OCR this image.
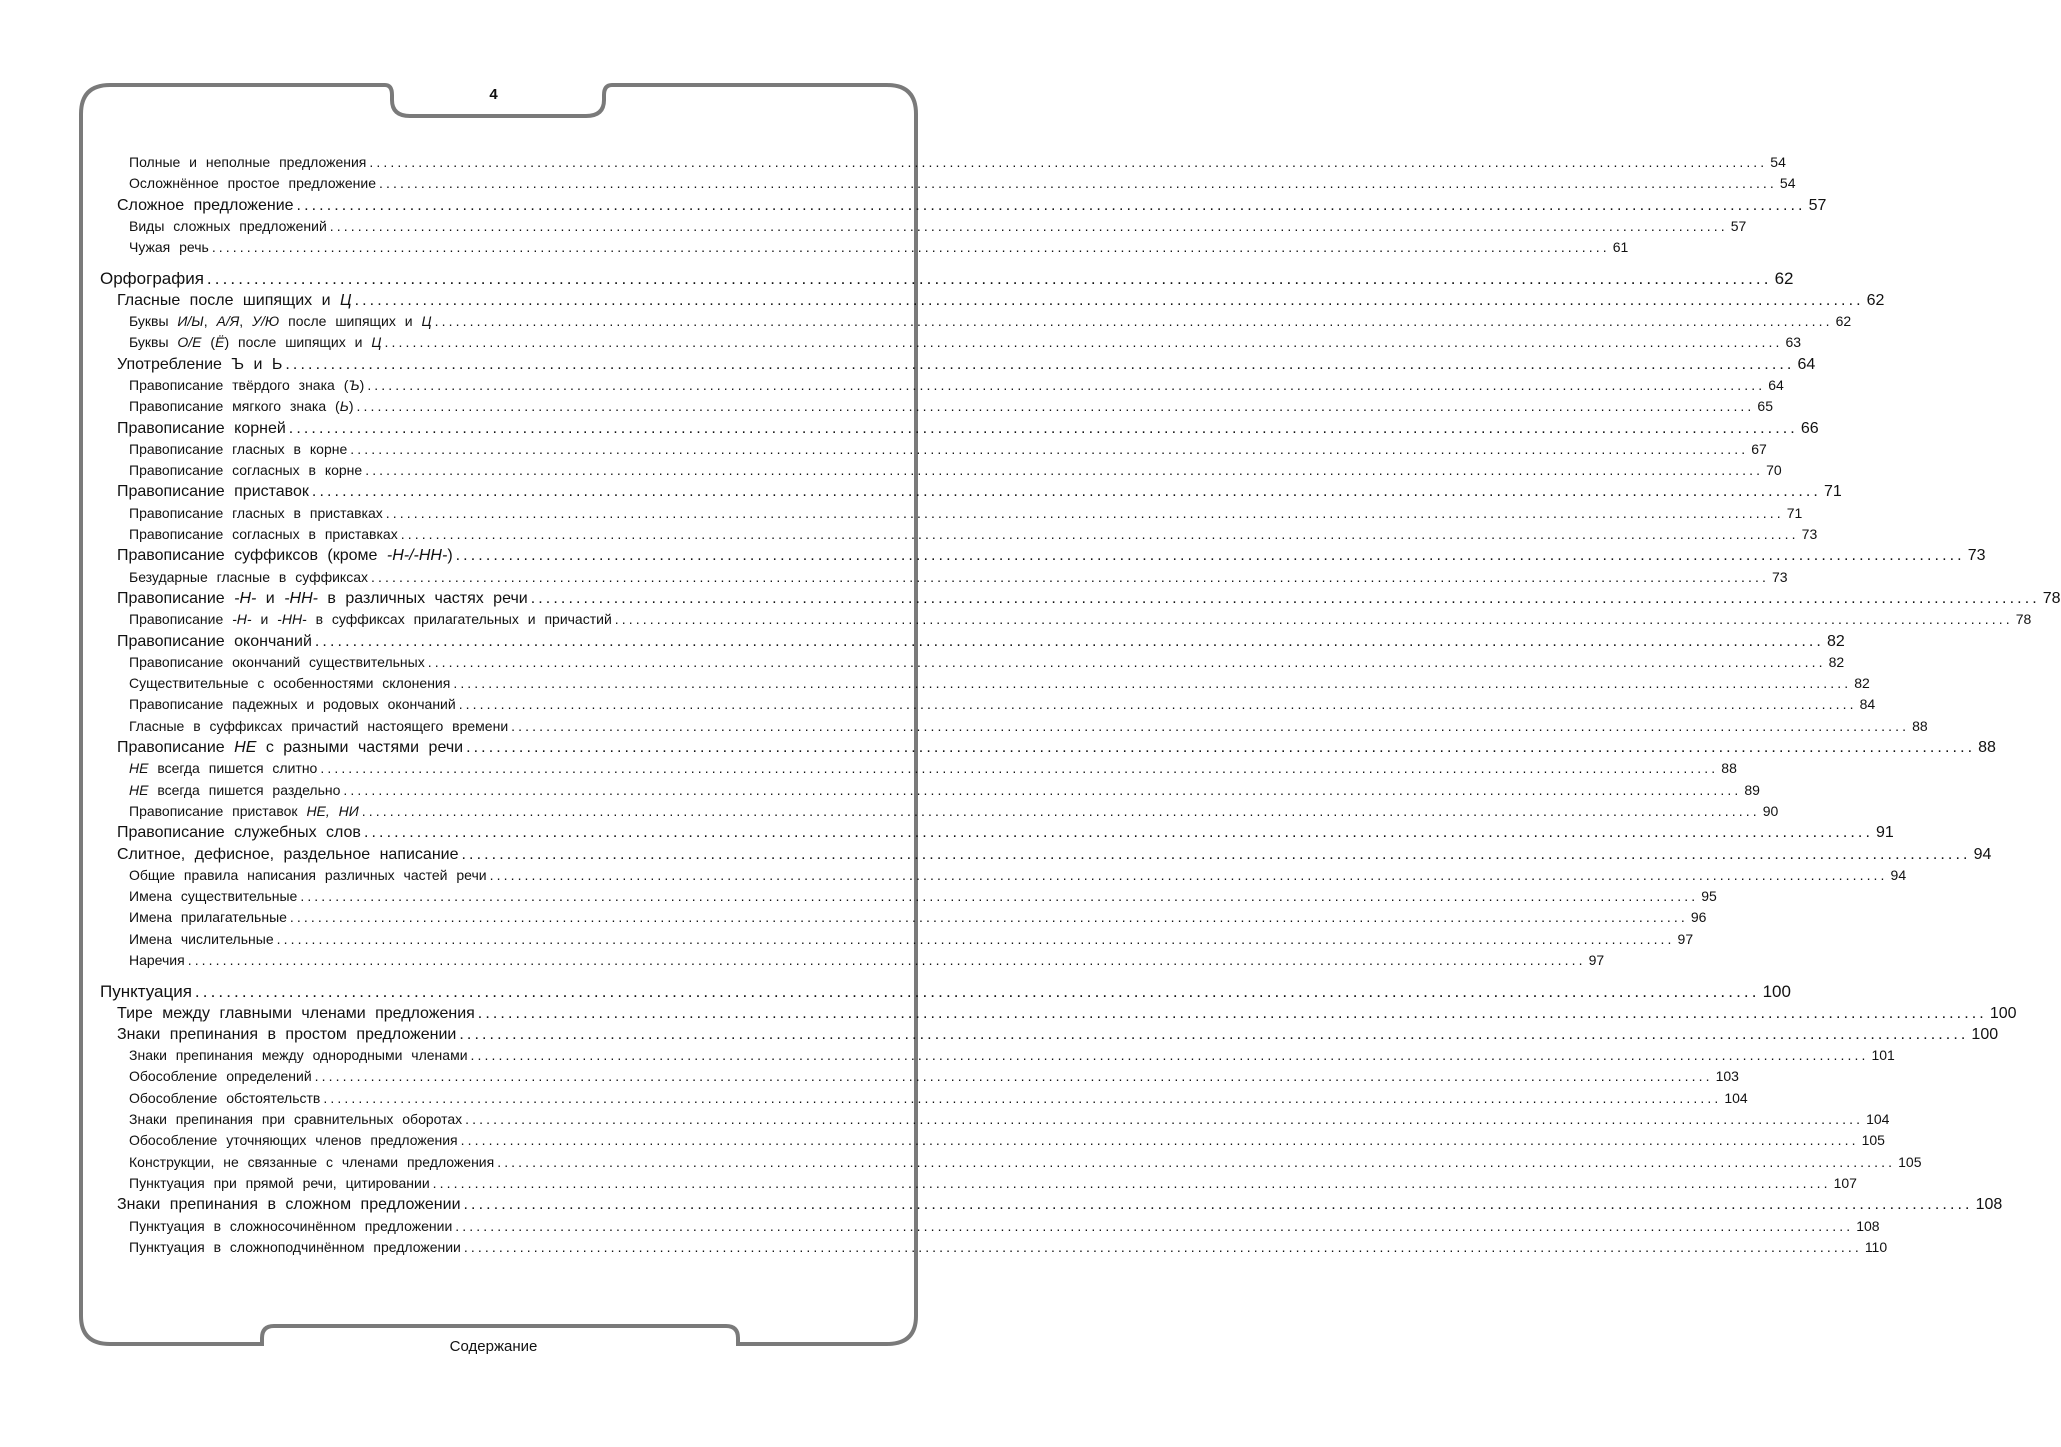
4
Полные и неполные предложения ........................................................................................................................................................................................................ 54
Осложнённое простое предложение ........................................................................................................................................................................................................ 54
Сложное предложение ........................................................................................................................................................................................................ 57
Виды сложных предложений ........................................................................................................................................................................................................ 57
Чужая речь ........................................................................................................................................................................................................ 61
Орфография ........................................................................................................................................................................................................ 62
Гласные после шипящих и Ц ........................................................................................................................................................................................................ 62
Буквы И/Ы, А/Я, У/Ю после шипящих и Ц ........................................................................................................................................................................................................ 62
Буквы О/Е (Ё) после шипящих и Ц ........................................................................................................................................................................................................ 63
Употребление Ъ и Ь ........................................................................................................................................................................................................ 64
Правописание твёрдого знака (Ъ) ........................................................................................................................................................................................................ 64
Правописание мягкого знака (Ь) ........................................................................................................................................................................................................ 65
Правописание корней ........................................................................................................................................................................................................ 66
Правописание гласных в корне ........................................................................................................................................................................................................ 67
Правописание согласных в корне ........................................................................................................................................................................................................ 70
Правописание приставок ........................................................................................................................................................................................................ 71
Правописание гласных в приставках ........................................................................................................................................................................................................ 71
Правописание согласных в приставках ........................................................................................................................................................................................................ 73
Правописание суффиксов (кроме -Н-/-НН-) ........................................................................................................................................................................................................ 73
Безударные гласные в суффиксах ........................................................................................................................................................................................................ 73
Правописание -Н- и -НН- в различных частях речи ........................................................................................................................................................................................................ 78
Правописание -Н- и -НН- в суффиксах прилагательных и причастий ........................................................................................................................................................................................................ 78
Правописание окончаний ........................................................................................................................................................................................................ 82
Правописание окончаний существительных ........................................................................................................................................................................................................ 82
Существительные с особенностями склонения ........................................................................................................................................................................................................ 82
Правописание падежных и родовых окончаний ........................................................................................................................................................................................................ 84
Гласные в суффиксах причастий настоящего времени ........................................................................................................................................................................................................ 88
Правописание НЕ с разными частями речи ........................................................................................................................................................................................................ 88
НЕ всегда пишется слитно ........................................................................................................................................................................................................ 88
НЕ всегда пишется раздельно ........................................................................................................................................................................................................ 89
Правописание приставок НЕ, НИ ........................................................................................................................................................................................................ 90
Правописание служебных слов ........................................................................................................................................................................................................ 91
Слитное, дефисное, раздельное написание ........................................................................................................................................................................................................ 94
Общие правила написания различных частей речи ........................................................................................................................................................................................................ 94
Имена существительные ........................................................................................................................................................................................................ 95
Имена прилагательные ........................................................................................................................................................................................................ 96
Имена числительные ........................................................................................................................................................................................................ 97
Наречия ........................................................................................................................................................................................................ 97
Пунктуация ........................................................................................................................................................................................................ 100
Тире между главными членами предложения ........................................................................................................................................................................................................ 100
Знаки препинания в простом предложении ........................................................................................................................................................................................................ 100
Знаки препинания между однородными членами ........................................................................................................................................................................................................ 101
Обособление определений ........................................................................................................................................................................................................ 103
Обособление обстоятельств ........................................................................................................................................................................................................ 104
Знаки препинания при сравнительных оборотах ........................................................................................................................................................................................................ 104
Обособление уточняющих членов предложения ........................................................................................................................................................................................................ 105
Конструкции, не связанные с членами предложения ........................................................................................................................................................................................................ 105
Пунктуация при прямой речи, цитировании ........................................................................................................................................................................................................ 107
Знаки препинания в сложном предложении ........................................................................................................................................................................................................ 108
Пунктуация в сложносочинённом предложении ........................................................................................................................................................................................................ 108
Пунктуация в сложноподчинённом предложении ........................................................................................................................................................................................................ 110
Содержание
